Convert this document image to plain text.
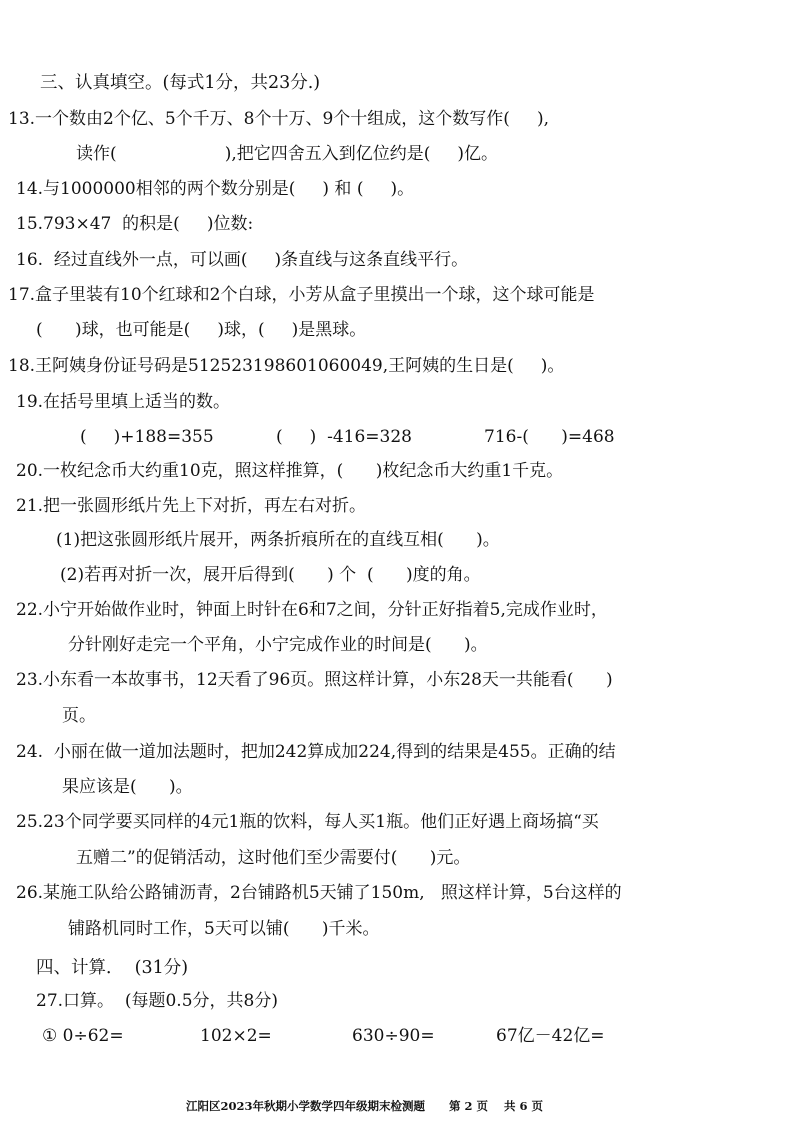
三、认真填空。(每式1分，共23分.)
13.一个数由2个亿、5个千万、8个十万、9个十组成，这个数写作(     ),
读作(                    ),把它四舍五入到亿位约是(     )亿。
14.与1000000相邻的两个数分别是(     ) 和 (     )。
15.793×47  的积是(     )位数:
16.  经过直线外一点，可以画(     )条直线与这条直线平行。
17.盒子里装有10个红球和2个白球，小芳从盒子里摸出一个球，这个球可能是
(      )球，也可能是(     )球，(     )是黑球。
18.王阿姨身份证号码是512523198601060049,王阿姨的生日是(     )。
19.在括号里填上适当的数。
(     )+188=355	(     )  -416=328	716-(      )=468
20.一枚纪念币大约重10克，照这样推算，(      )枚纪念币大约重1千克。
21.把一张圆形纸片先上下对折，再左右对折。
(1)把这张圆形纸片展开，两条折痕所在的直线互相(      )。
(2)若再对折一次，展开后得到(      ) 个  (      )度的角。
22.小宁开始做作业时，钟面上时针在6和7之间，分针正好指着5,完成作业时，
分针刚好走完一个平角，小宁完成作业的时间是(      )。
23.小东看一本故事书，12天看了96页。照这样计算，小东28天一共能看(      )
页。
24.  小丽在做一道加法题时，把加242算成加224,得到的结果是455。正确的结
果应该是(      )。
25.23个同学要买同样的4元1瓶的饮料，每人买1瓶。他们正好遇上商场搞“买
五赠二”的促销活动，这时他们至少需要付(      )元。
26.某施工队给公路铺沥青，2台铺路机5天铺了150m,   照这样计算，5台这样的
铺路机同时工作，5天可以铺(      )千米。
四、计算．  (31分)
27.口算。  (每题0.5分，共8分)
① 0÷62=	102×2=	630÷90=	67亿－42亿=
江阳区2023年秋期小学数学四年级期末检测题      第 2 页    共 6 页
